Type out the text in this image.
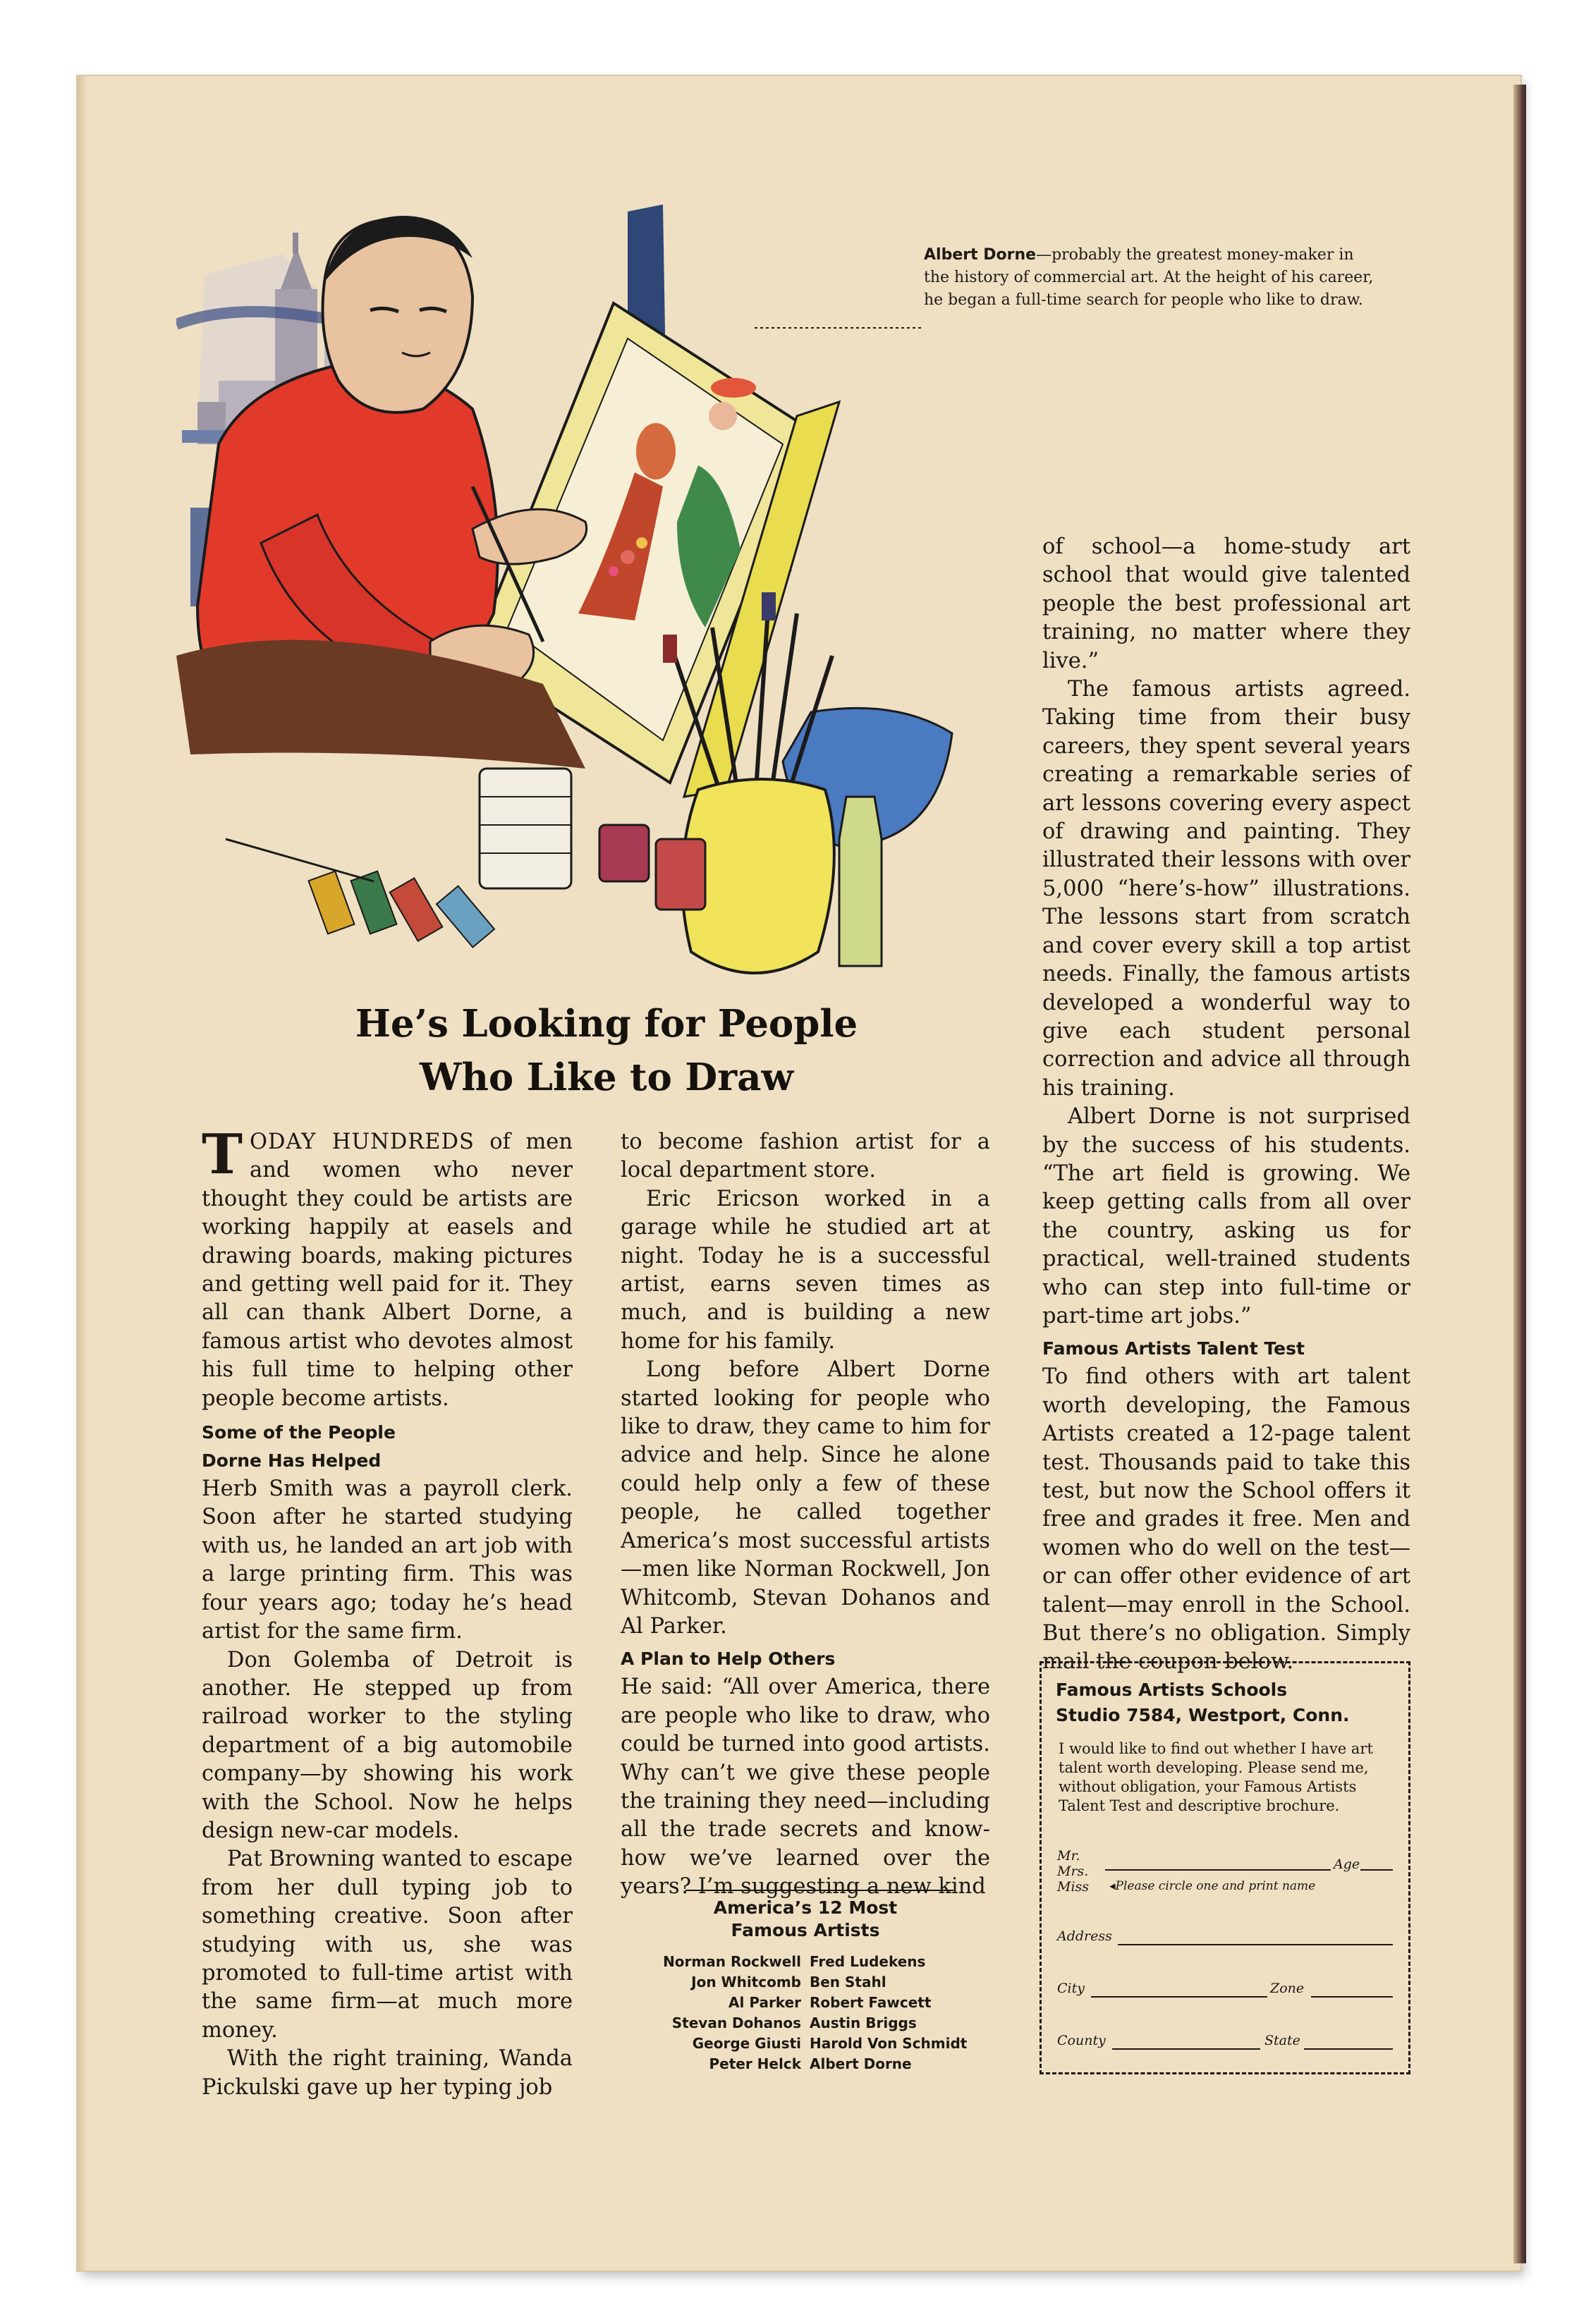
Albert Dorne—probably the greatest money-maker in the history of commercial art. At the height of his career, he began a full-time search for people who like to draw.
He’s Looking for People
Who Like to Draw

TODAY HUNDREDS of men and women who never thought they could be artists are working happily at easels and drawing boards, making pictures and getting well paid for it. They all can thank Albert Dorne, a famous artist who devotes almost his full time to helping other people become artists.

Some of the People

Dorne Has Helped

Herb Smith was a payroll clerk. Soon after he started studying with us, he landed an art job with a large printing firm. This was four years ago; today he’s head artist for the same firm.

Don Golemba of Detroit is another. He stepped up from railroad worker to the styling department of a big automobile company—by showing his work with the School. Now he helps design new-car models.

Pat Browning wanted to escape from her dull typing job to something creative. Soon after studying with us, she was promoted to full-time artist with the same firm—at much more money.

With the right training, Wanda Pickulski gave up her typing job

to become fashion artist for a local department store.

Eric Ericson worked in a garage while he studied art at night. Today he is a successful artist, earns seven times as much, and is building a new home for his family.

Long before Albert Dorne started looking for people who like to draw, they came to him for advice and help. Since he alone could help only a few of these people, he called together America’s most successful artists—men like Norman Rockwell, Jon Whitcomb, Stevan Dohanos and Al Parker.

A Plan to Help Others

He said: “All over America, there are people who like to draw, who could be turned into good artists. Why can’t we give these people the training they need—including all the trade secrets and know-how we’ve learned over the years? I’m suggesting a new kind

America’s 12 Most
Famous Artists
Norman Rockwell	Fred Ludekens
Jon Whitcomb	Ben Stahl
Al Parker	Robert Fawcett
Stevan Dohanos	Austin Briggs
George Giusti	Harold Von Schmidt
Peter Helck	Albert Dorne

of school—a home-study art school that would give talented people the best professional art training, no matter where they live.”

The famous artists agreed. Taking time from their busy careers, they spent several years creating a remarkable series of art lessons covering every aspect of drawing and painting. They illustrated their lessons with over 5,000 “here’s-how” illustrations. The lessons start from scratch and cover every skill a top artist needs. Finally, the famous artists developed a wonderful way to give each student personal correction and advice all through his training.

Albert Dorne is not surprised by the success of his students. “The art field is growing. We keep getting calls from all over the country, asking us for practical, well-trained students who can step into full-time or part-time art jobs.”

Famous Artists Talent Test

To find others with art talent worth developing, the Famous Artists created a 12-page talent test. Thousands paid to take this test, but now the School offers it free and grades it free. Men and women who do well on the test—or can offer other evidence of art talent—may enroll in the School. But there’s no obligation. Simply mail the coupon below.

Famous Artists Schools
Studio 7584, Westport, Conn.
I would like to find out whether I have art talent worth developing. Please send me, without obligation, your Famous Artists Talent Test and descriptive brochure.
Mr.
Mrs.
Miss
Age
◂Please circle one and print name
Address
City	Zone
County	State
